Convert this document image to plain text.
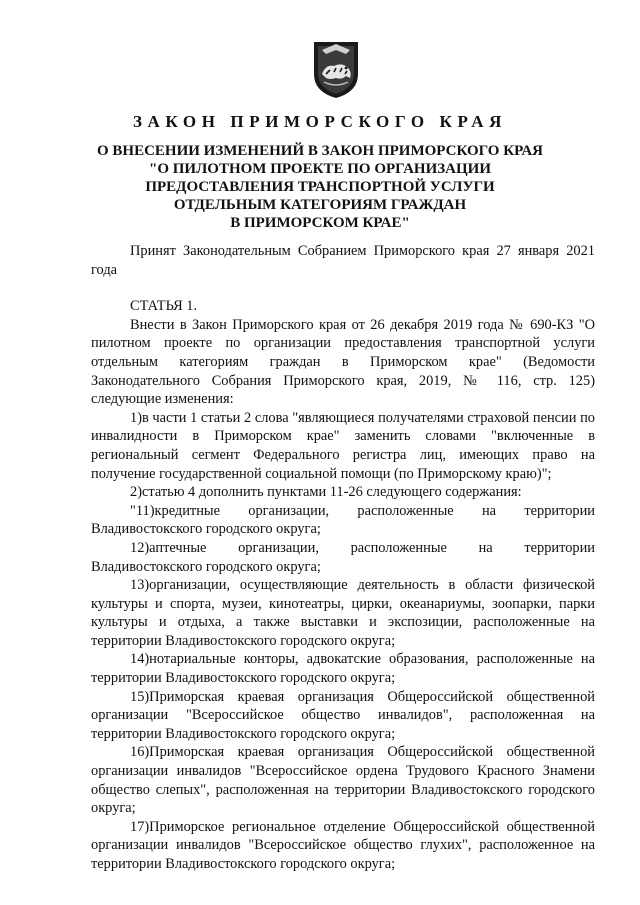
ЗАКОН ПРИМОРСКОГО КРАЯ
О ВНЕСЕНИИ ИЗМЕНЕНИЙ В ЗАКОН ПРИМОРСКОГО КРАЯ
"О ПИЛОТНОМ ПРОЕКТЕ ПО ОРГАНИЗАЦИИ
ПРЕДОСТАВЛЕНИЯ ТРАНСПОРТНОЙ УСЛУГИ
ОТДЕЛЬНЫМ КАТЕГОРИЯМ ГРАЖДАН
В ПРИМОРСКОМ КРАЕ"

Принят Законодательным Собранием Приморского края 27 января 2021 года

СТАТЬЯ 1.

Внести в Закон Приморского края от 26 декабря 2019 года № 690-КЗ "О пилотном проекте по организации предоставления транспортной услуги отдельным категориям граждан в Приморском крае" (Ведомости Законодательного Собрания Приморского края, 2019, № 116, стр. 125) следующие изменения:

1)в части 1 статьи 2 слова "являющиеся получателями страховой пенсии по инвалидности в Приморском крае" заменить словами "включенные в региональный сегмент Федерального регистра лиц, имеющих право на получение государственной социальной помощи (по Приморскому краю)";

2)статью 4 дополнить пунктами 11-26 следующего содержания:

"11)кредитные организации, расположенные на территории Владивостокского городского округа;

12)аптечные организации, расположенные на территории Владивостокского городского округа;

13)организации, осуществляющие деятельность в области физической культуры и спорта, музеи, кинотеатры, цирки, океанариумы, зоопарки, парки культуры и отдыха, а также выставки и экспозиции, расположенные на территории Владивостокского городского округа;

14)нотариальные конторы, адвокатские образования, расположенные на территории Владивостокского городского округа;

15)Приморская краевая организация Общероссийской общественной организации "Всероссийское общество инвалидов", расположенная на территории Владивостокского городского округа;

16)Приморская краевая организация Общероссийской общественной организации инвалидов "Всероссийское ордена Трудового Красного Знамени общество слепых", расположенная на территории Владивостокского городского округа;

17)Приморское региональное отделение Общероссийской общественной организации инвалидов "Всероссийское общество глухих", расположенное на территории Владивостокского городского округа;
